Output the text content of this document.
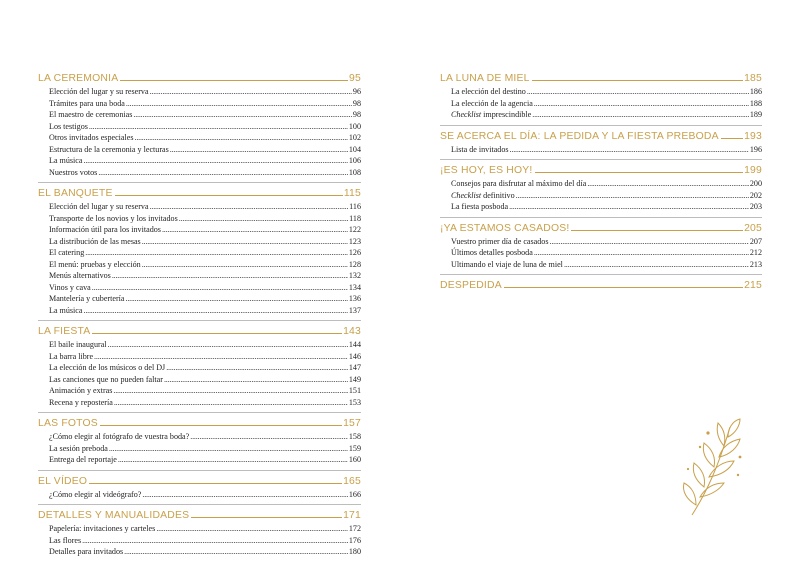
LA CEREMONIA	95
Elección del lugar y su reserva .....	96
Trámites para una boda .....	98
El maestro de ceremonias .....	98
Los testigos .....	100
Otros invitados especiales .....	102
Estructura de la ceremonia y lecturas .....	104
La música .....	106
Nuestros votos .....	108
EL BANQUETE	115
Elección del lugar y su reserva .....	116
Transporte de los novios y los invitados .....	118
Información útil para los invitados .....	122
La distribución de las mesas .....	123
El catering .....	126
El menú: pruebas y elección .....	128
Menús alternativos .....	132
Vinos y cava .....	134
Mantelería y cubertería .....	136
La música .....	137
LA FIESTA	143
El baile inaugural .....	144
La barra libre .....	146
La elección de los músicos o del DJ .....	147
Las canciones que no pueden faltar .....	149
Animación y extras .....	151
Recena y repostería .....	153
LAS FOTOS	157
¿Cómo elegir al fotógrafo de vuestra boda? .....	158
La sesión preboda .....	159
Entrega del reportaje .....	160
EL VÍDEO	165
¿Cómo elegir al videógrafo? .....	166
DETALLES Y MANUALIDADES	171
Papelería: invitaciones y carteles .....	172
Las flores .....	176
Detalles para invitados .....	180
LA LUNA DE MIEL	185
La elección del destino .....	186
La elección de la agencia .....	188
Checklist imprescindible .....	189
SE ACERCA EL DÍA: LA PEDIDA Y LA FIESTA PREBODA 193
Lista de invitados .....	196
¡ES HOY, ES HOY!	199
Consejos para disfrutar al máximo del día .....	200
Checklist definitivo .....	202
La fiesta posboda .....	203
¡YA ESTAMOS CASADOS!	205
Vuestro primer día de casados .....	207
Últimos detalles posboda .....	212
Ultimando el viaje de luna de miel .....	213
DESPEDIDA	215
